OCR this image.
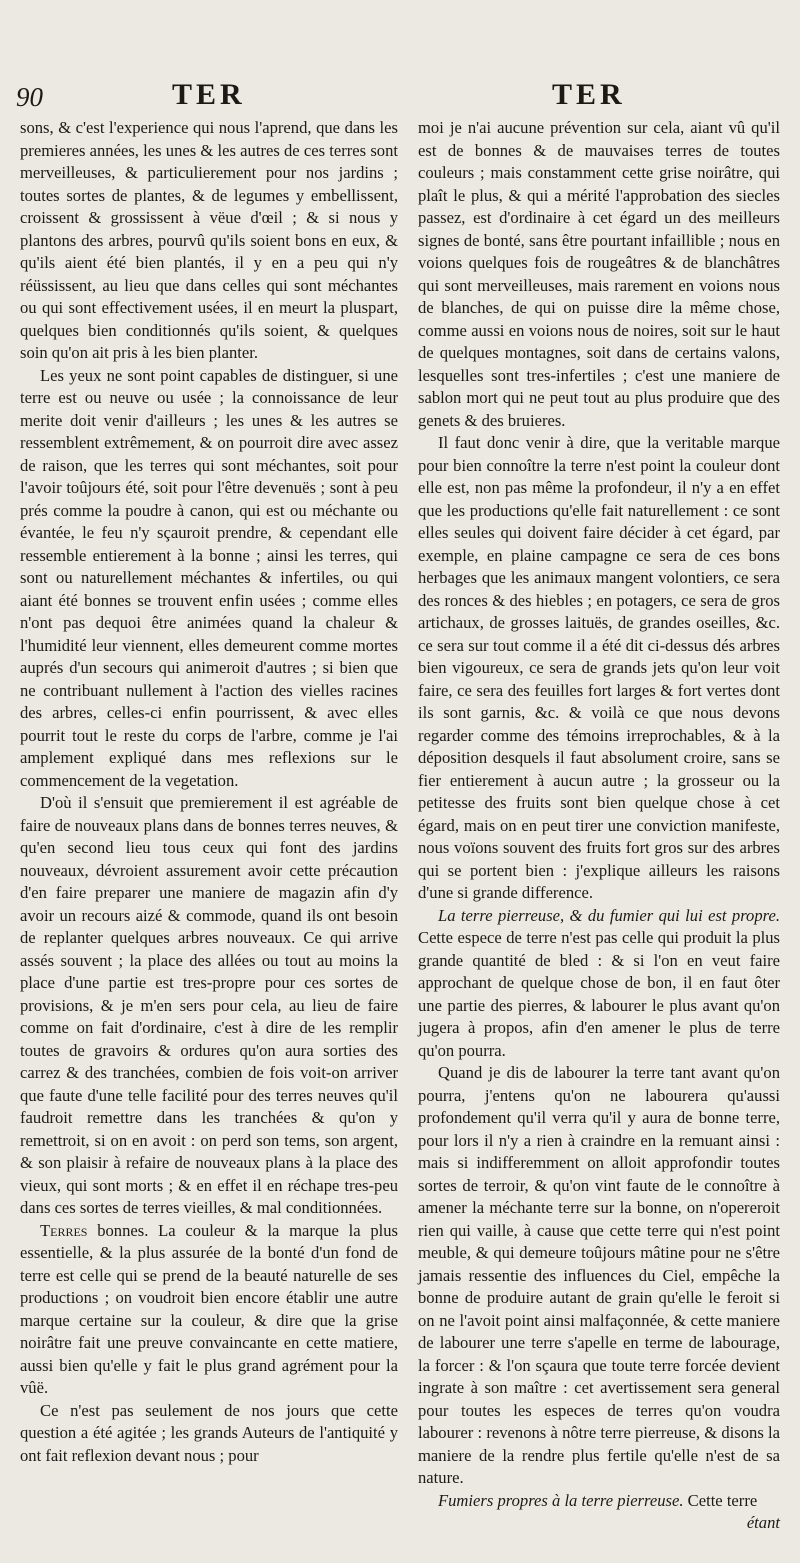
90	TER	TER

sons, & c'est l'experience qui nous l'aprend, que dans les premieres années, les unes & les autres de ces terres sont merveilleuses, & particulierement pour nos jardins ; toutes sortes de plantes, & de legumes y embellissent, croissent & grossissent à vëue d'œil ; & si nous y plantons des arbres, pourvû qu'ils soient bons en eux, & qu'ils aient été bien plantés, il y en a peu qui n'y réüssissent, au lieu que dans celles qui sont méchantes ou qui sont effectivement usées, il en meurt la pluspart, quelques bien conditionnés qu'ils soient, & quelques soin qu'on ait pris à les bien planter.

Les yeux ne sont point capables de distinguer, si une terre est ou neuve ou usée ; la connoissance de leur merite doit venir d'ailleurs ; les unes & les autres se ressemblent extrêmement, & on pourroit dire avec assez de raison, que les terres qui sont méchantes, soit pour l'avoir toûjours été, soit pour l'être devenuës ; sont à peu prés comme la poudre à canon, qui est ou méchante ou évantée, le feu n'y sçauroit prendre, & cependant elle ressemble entierement à la bonne ; ainsi les terres, qui sont ou naturellement méchantes & infertiles, ou qui aiant été bonnes se trouvent enfin usées ; comme elles n'ont pas dequoi être animées quand la chaleur & l'humidité leur viennent, elles demeurent comme mortes auprés d'un secours qui animeroit d'autres ; si bien que ne contribuant nullement à l'action des vielles racines des arbres, celles-ci enfin pourrissent, & avec elles pourrit tout le reste du corps de l'arbre, comme je l'ai amplement expliqué dans mes reflexions sur le commencement de la vegetation.

D'où il s'ensuit que premierement il est agréable de faire de nouveaux plans dans de bonnes terres neuves, & qu'en second lieu tous ceux qui font des jardins nouveaux, dévroient assurement avoir cette précaution d'en faire preparer une maniere de magazin afin d'y avoir un recours aizé & commode, quand ils ont besoin de replanter quelques arbres nouveaux. Ce qui arrive assés souvent ; la place des allées ou tout au moins la place d'une partie est tres-propre pour ces sortes de provisions, & je m'en sers pour cela, au lieu de faire comme on fait d'ordinaire, c'est à dire de les remplir toutes de gravoirs & ordures qu'on aura sorties des carrez & des tranchées, combien de fois voit-on arriver que faute d'une telle facilité pour des terres neuves qu'il faudroit remettre dans les tranchées & qu'on y remettroit, si on en avoit : on perd son tems, son argent, & son plaisir à refaire de nouveaux plans à la place des vieux, qui sont morts ; & en effet il en réchape tres-peu dans ces sortes de terres vieilles, & mal conditionnées.

Terres bonnes. La couleur & la marque la plus essentielle, & la plus assurée de la bonté d'un fond de terre est celle qui se prend de la beauté naturelle de ses productions ; on voudroit bien encore établir une autre marque certaine sur la couleur, & dire que la grise noirâtre fait une preuve convaincante en cette matiere, aussi bien qu'elle y fait le plus grand agrément pour la vûë.

Ce n'est pas seulement de nos jours que cette question a été agitée ; les grands Auteurs de l'antiquité y ont fait reflexion devant nous ; pour

moi je n'ai aucune prévention sur cela, aiant vû qu'il est de bonnes & de mauvaises terres de toutes couleurs ; mais constamment cette grise noirâtre, qui plaît le plus, & qui a mérité l'approbation des siecles passez, est d'ordinaire à cet égard un des meilleurs signes de bonté, sans être pourtant infaillible ; nous en voions quelques fois de rougeâtres & de blanchâtres qui sont merveilleuses, mais rarement en voions nous de blanches, de qui on puisse dire la même chose, comme aussi en voions nous de noires, soit sur le haut de quelques montagnes, soit dans de certains valons, lesquelles sont tres-infertiles ; c'est une maniere de sablon mort qui ne peut tout au plus produire que des genets & des bruieres.

Il faut donc venir à dire, que la veritable marque pour bien connoître la terre n'est point la couleur dont elle est, non pas même la profondeur, il n'y a en effet que les productions qu'elle fait naturellement : ce sont elles seules qui doivent faire décider à cet égard, par exemple, en plaine campagne ce sera de ces bons herbages que les animaux mangent volontiers, ce sera des ronces & des hiebles ; en potagers, ce sera de gros artichaux, de grosses laituës, de grandes oseilles, &c. ce sera sur tout comme il a été dit ci-dessus dés arbres bien vigoureux, ce sera de grands jets qu'on leur voit faire, ce sera des feuilles fort larges & fort vertes dont ils sont garnis, &c. & voilà ce que nous devons regarder comme des témoins irreprochables, & à la déposition desquels il faut absolument croire, sans se fier entierement à aucun autre ; la grosseur ou la petitesse des fruits sont bien quelque chose à cet égard, mais on en peut tirer une conviction manifeste, nous voïons souvent des fruits fort gros sur des arbres qui se portent bien : j'explique ailleurs les raisons d'une si grande difference.

La terre pierreuse, & du fumier qui lui est propre. Cette espece de terre n'est pas celle qui produit la plus grande quantité de bled : & si l'on en veut faire approchant de quelque chose de bon, il en faut ôter une partie des pierres, & labourer le plus avant qu'on jugera à propos, afin d'en amener le plus de terre qu'on pourra.

Quand je dis de labourer la terre tant avant qu'on pourra, j'entens qu'on ne labourera qu'aussi profondement qu'il verra qu'il y aura de bonne terre, pour lors il n'y a rien à craindre en la remuant ainsi : mais si indifferemment on alloit approfondir toutes sortes de terroir, & qu'on vint faute de le connoître à amener la méchante terre sur la bonne, on n'opereroit rien qui vaille, à cause que cette terre qui n'est point meuble, & qui demeure toûjours mâtine pour ne s'être jamais ressentie des influences du Ciel, empêche la bonne de produire autant de grain qu'elle le feroit si on ne l'avoit point ainsi malfaçonnée, & cette maniere de labourer une terre s'apelle en terme de labourage, la forcer : & l'on sçaura que toute terre forcée devient ingrate à son maître : cet avertissement sera general pour toutes les especes de terres qu'on voudra labourer : revenons à nôtre terre pierreuse, & disons la maniere de la rendre plus fertile qu'elle n'est de sa nature.

Fumiers propres à la terre pierreuse. Cette terre

étant
